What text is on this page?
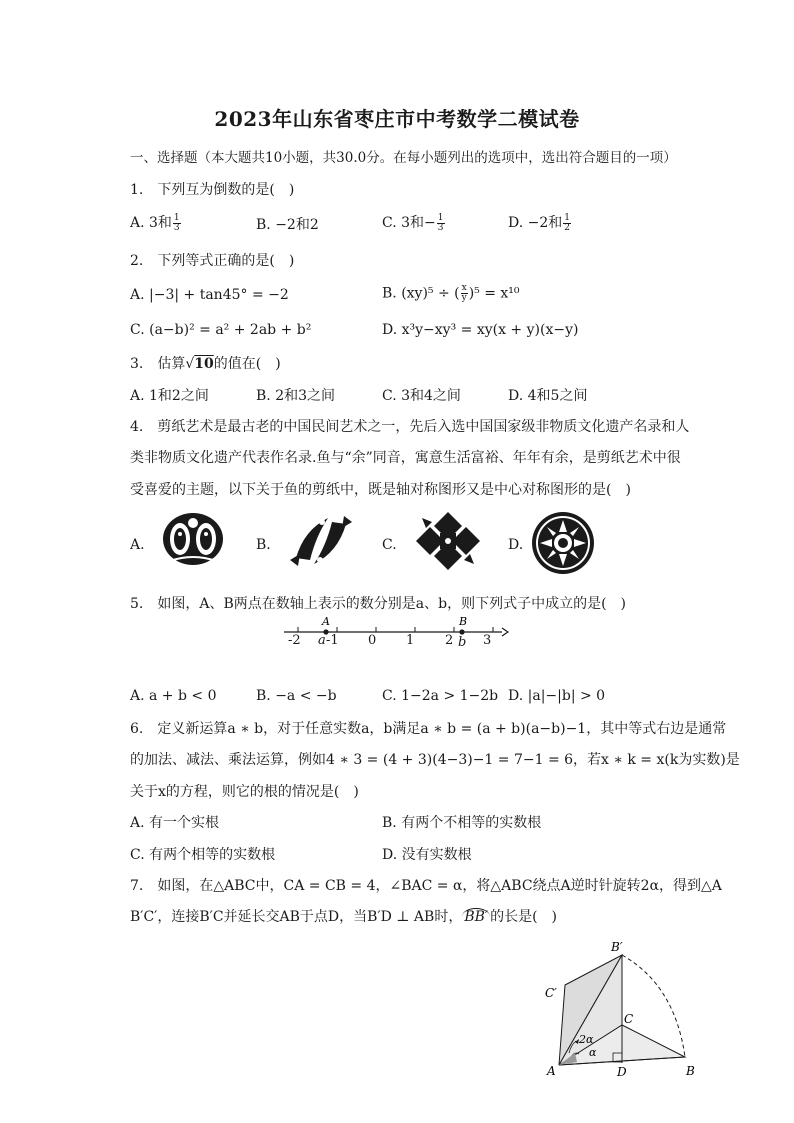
2023年山东省枣庄市中考数学二模试卷
一、选择题（本大题共10小题，共30.0分。在每小题列出的选项中，选出符合题目的一项）
1.　下列互为倒数的是(　)
A. 3和 $\frac{1}{3}$	B. −2和2	C. 3和− $\frac{1}{3}$	D. −2和 $\frac{1}{2}$
2.　下列等式正确的是(　)
A. |−3| + tan45° = −2	B. (xy)⁵ ÷ ( $\frac{x}{y} )^5 = x^{10}$
C. (a−b)² = a² + 2ab + b²	D. x³y−xy³ = xy(x + y)(x−y)
3.　估算√10的值在(　)
A. 1和2之间	B. 2和3之间	C. 3和4之间	D. 4和5之间
4.　剪纸艺术是最古老的中国民间艺术之一，先后入选中国国家级非物质文化遗产名录和人
类非物质文化遗产代表作名录.鱼与“余”同音，寓意生活富裕、年年有余，是剪纸艺术中很
受喜爱的主题，以下关于鱼的剪纸中，既是轴对称图形又是中心对称图形的是(　)
A.	B.	C.	D.
5.　如图，A、B两点在数轴上表示的数分别是a、b，则下列式子中成立的是(　)
A	B
-2 a -1 0 1 2 b 3
A. a + b < 0	B. −a < −b	C. 1−2a > 1−2b D. |a|−|b| > 0
6.　定义新运算a ∗ b，对于任意实数a，b满足a ∗ b = (a + b)(a−b)−1，其中等式右边是通常
的加法、减法、乘法运算，例如4 ∗ 3 = (4 + 3)(4−3)−1 = 7−1 = 6，若x ∗ k = x(k为实数)是
关于x的方程，则它的根的情况是(　)
A. 有一个实根	B. 有两个不相等的实数根
C. 有两个相等的实数根	D. 没有实数根
7.　如图，在△ABC中，CA = CB = 4，∠BAC = α，将△ABC绕点A逆时针旋转2α，得到△A
B′C′，连接B′C并延长交AB于点D，当B′D ⊥ AB时， BB′ 的长是(　)
A	B
C
D
B′
C′
2α
α
